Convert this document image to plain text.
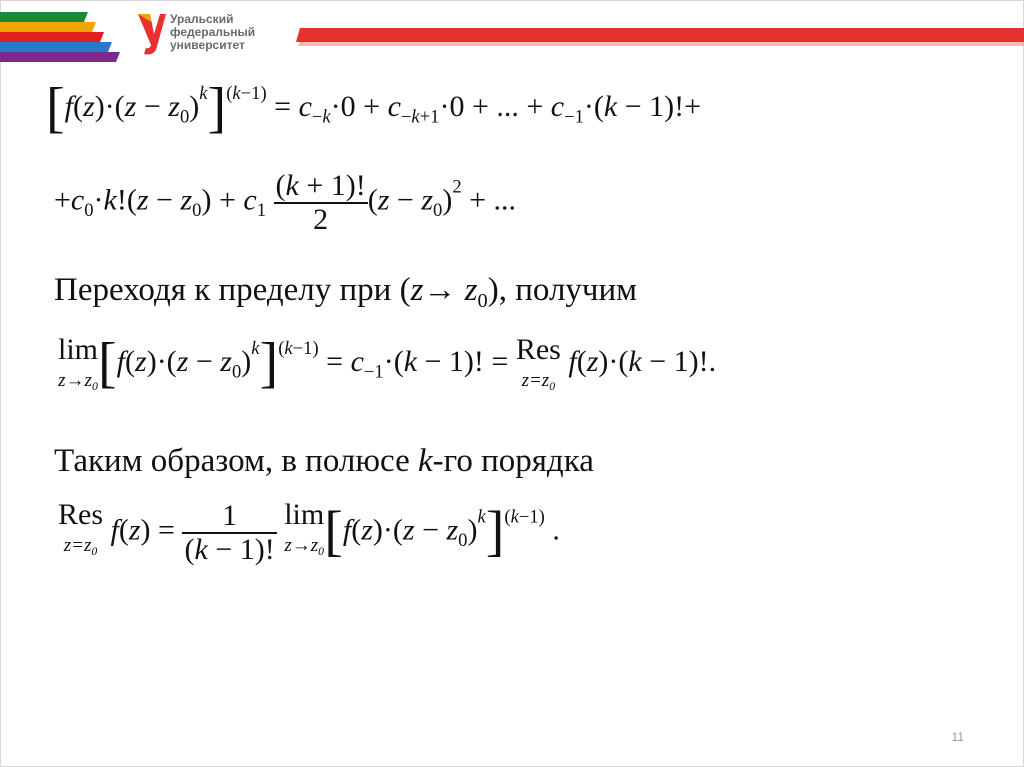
Уральский
федеральный
университет
$[f(z)\cdot(z - z_0)^k]^{(k-1)} = c_{-k}\cdot 0 + c_{-k+1}\cdot 0$ + ... + $c_{-1}\cdot(k - 1)!+$
$+c_0\cdot k!(z - z_0) + c_1 \frac{(k + 1)!}{2} (z - z_0)^2$ + ...
Переходя к пределу при $(z\to z_0)$, получим
lim
$z\to z_0$ $[f(z)\cdot(z - z_0)^k]^{(k-1)} = c_{-1}\cdot(k - 1)$! = Res
$z=z_0$
f(z)·(k − 1)!.
Таким образом, в полюсе k-го порядка
Res
$z=z_0$
$f(z) = \frac{1}{(k - 1)!}$ lim
$z\to z_0$ $[f(z)\cdot(z - z_0)^k]^{(k-1)}$ .
11
